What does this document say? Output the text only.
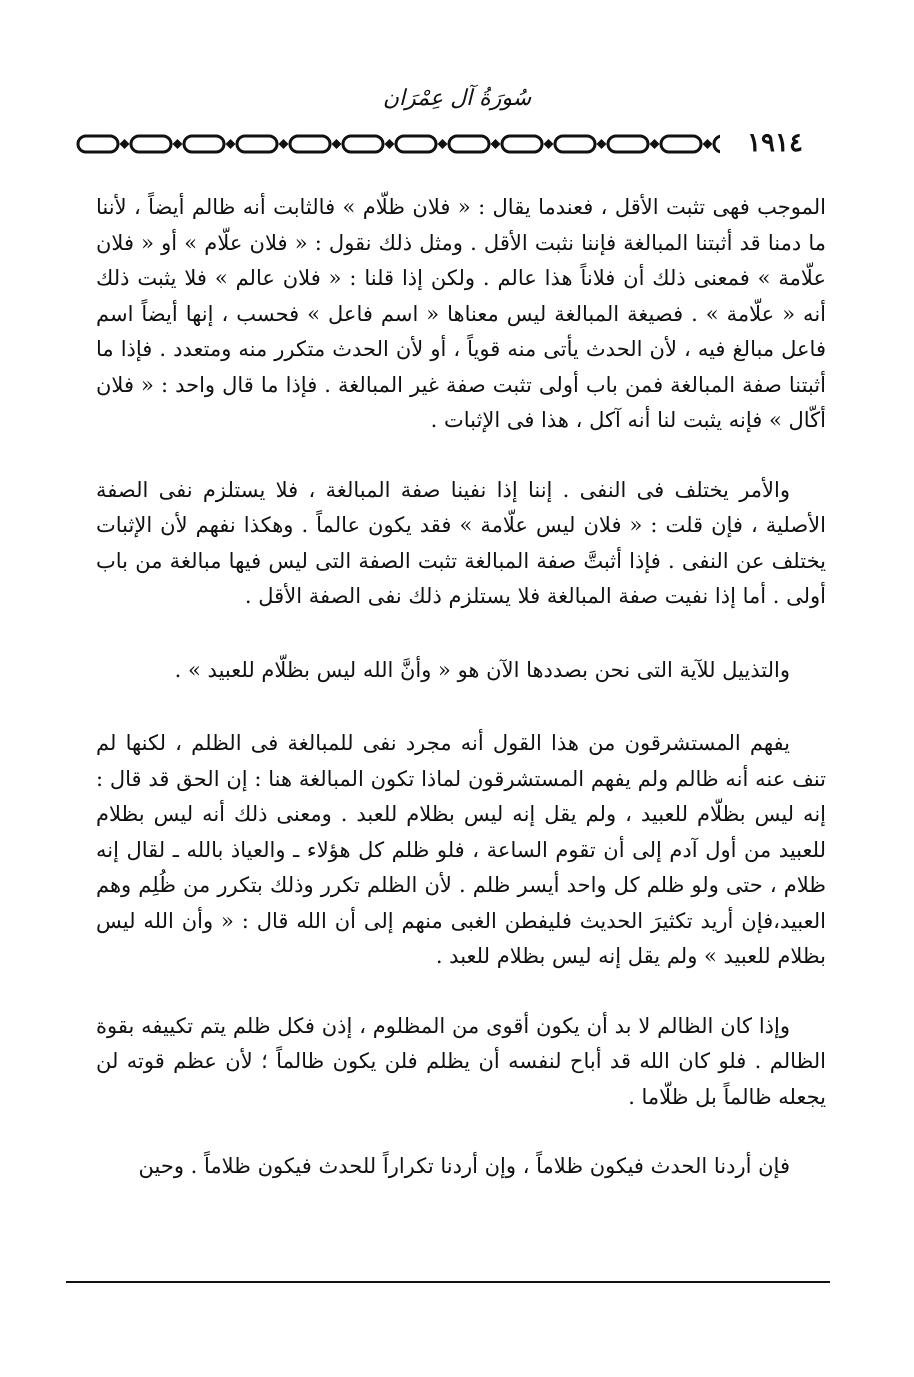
سُورَةُ آل عِمْرَان
١٩١٤

الموجب فهى تثبت الأقل ، فعندما يقال : « فلان ظلّام » فالثابت أنه ظالم أيضاً ، لأننا ما دمنا قد أثبتنا المبالغة فإننا نثبت الأقل . ومثل ذلك نقول : « فلان علّام » أو « فلان علّامة » فمعنى ذلك أن فلاناً هذا عالم . ولكن إذا قلنا : « فلان عالم » فلا يثبت ذلك أنه « علّامة » . فصيغة المبالغة ليس معناها « اسم فاعل » فحسب ، إنها أيضاً اسم فاعل مبالغ فيه ، لأن الحدث يأتى منه قوياً ، أو لأن الحدث متكرر منه ومتعدد . فإذا ما أثبتنا صفة المبالغة فمن باب أولى تثبت صفة غير المبالغة . فإذا ما قال واحد : « فلان أكّال » فإنه يثبت لنا أنه آكل ، هذا فى الإثبات .

والأمر يختلف فى النفى . إننا إذا نفينا صفة المبالغة ، فلا يستلزم نفى الصفة الأصلية ، فإن قلت : « فلان ليس علّامة » فقد يكون عالماً . وهكذا نفهم لأن الإثبات يختلف عن النفى . فإذا أثبتَّ صفة المبالغة تثبت الصفة التى ليس فيها مبالغة من باب أولى . أما إذا نفيت صفة المبالغة فلا يستلزم ذلك نفى الصفة الأقل .

والتذييل للآية التى نحن بصددها الآن هو « وأنَّ الله ليس بظلّام للعبيد » .

يفهم المستشرقون من هذا القول أنه مجرد نفى للمبالغة فى الظلم ، لكنها لم تنف عنه أنه ظالم ولم يفهم المستشرقون لماذا تكون المبالغة هنا : إن الحق قد قال : إنه ليس بظلّام للعبيد ، ولم يقل إنه ليس بظلام للعبد . ومعنى ذلك أنه ليس بظلام للعبيد من أول آدم إلى أن تقوم الساعة ، فلو ظلم كل هؤلاء ـ والعياذ بالله ـ لقال إنه ظلام ، حتى ولو ظلم كل واحد أيسر ظلم . لأن الظلم تكرر وذلك بتكرر من ظُلِم وهم العبيد،فإن أريد تكثيرَ الحديث فليفطن الغبى منهم إلى أن الله قال : « وأن الله ليس بظلام للعبيد » ولم يقل إنه ليس بظلام للعبد .

وإذا كان الظالم لا بد أن يكون أقوى من المظلوم ، إذن فكل ظلم يتم تكييفه بقوة الظالم . فلو كان الله قد أباح لنفسه أن يظلم فلن يكون ظالماً ؛ لأن عظم قوته لن يجعله ظالماً بل ظلّاما .

فإن أردنا الحدث فيكون ظلاماً ، وإن أردنا تكراراً للحدث فيكون ظلاماً . وحين
